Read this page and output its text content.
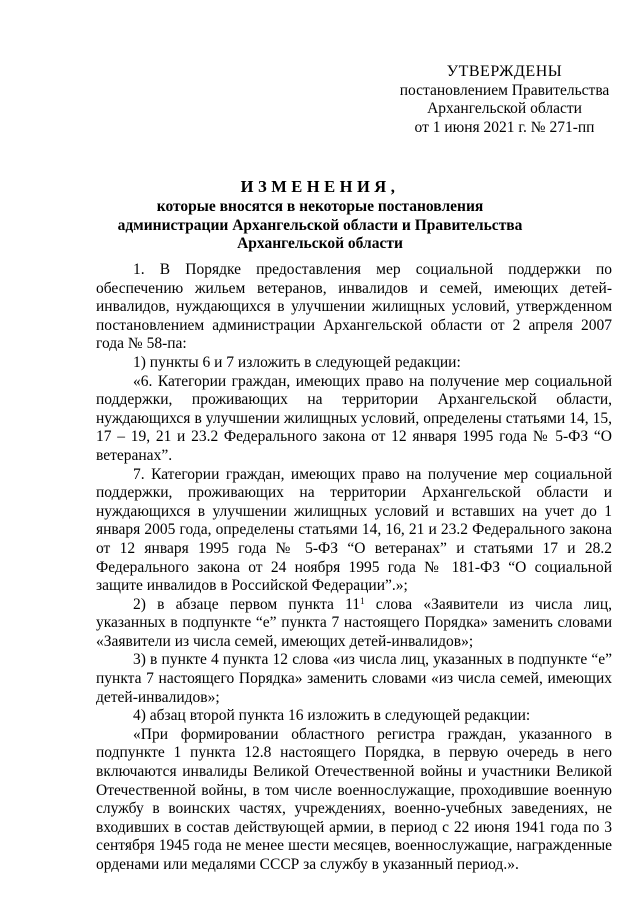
УТВЕРЖДЕНЫ
постановлением Правительства
Архангельской области
от 1 июня 2021 г. № 271-пп
ИЗМЕНЕНИЯ,
которые вносятся в некоторые постановления
администрации Архангельской области и Правительства
Архангельской области

1. В Порядке предоставления мер социальной поддержки по обеспечению жильем ветеранов, инвалидов и семей, имеющих детей-инвалидов, нуждающихся в улучшении жилищных условий, утвержденном постановлением администрации Архангельской области от 2 апреля 2007 года № 58-па:

1) пункты 6 и 7 изложить в следующей редакции:

«6. Категории граждан, имеющих право на получение мер социальной поддержки, проживающих на территории Архангельской области, нуждающихся в улучшении жилищных условий, определены статьями 14, 15, 17 – 19, 21 и 23.2 Федерального закона от 12 января 1995 года № 5-ФЗ “О ветеранах”.

7. Категории граждан, имеющих право на получение мер социальной поддержки, проживающих на территории Архангельской области и нуждающихся в улучшении жилищных условий и вставших на учет до 1 января 2005 года, определены статьями 14, 16, 21 и 23.2 Федерального закона от 12 января 1995 года № 5-ФЗ “О ветеранах” и статьями 17 и 28.2 Федерального закона от 24 ноября 1995 года № 181-ФЗ “О социальной защите инвалидов в Российской Федерации”.»;

2) в абзаце первом пункта $11^1$ слова «Заявители из числа лиц, указанных в подпункте “е” пункта 7 настоящего Порядка» заменить словами «Заявители из числа семей, имеющих детей-инвалидов»;

3) в пункте 4 пункта 12 слова «из числа лиц, указанных в подпункте “е” пункта 7 настоящего Порядка» заменить словами «из числа семей, имеющих детей-инвалидов»;

4) абзац второй пункта 16 изложить в следующей редакции:

«При формировании областного регистра граждан, указанного в подпункте 1 пункта 12.8 настоящего Порядка, в первую очередь в него включаются инвалиды Великой Отечественной войны и участники Великой Отечественной войны, в том числе военнослужащие, проходившие военную службу в воинских частях, учреждениях, военно-учебных заведениях, не входивших в состав действующей армии, в период с 22 июня 1941 года по 3 сентября 1945 года не менее шести месяцев, военнослужащие, награжденные орденами или медалями СССР за службу в указанный период.».
